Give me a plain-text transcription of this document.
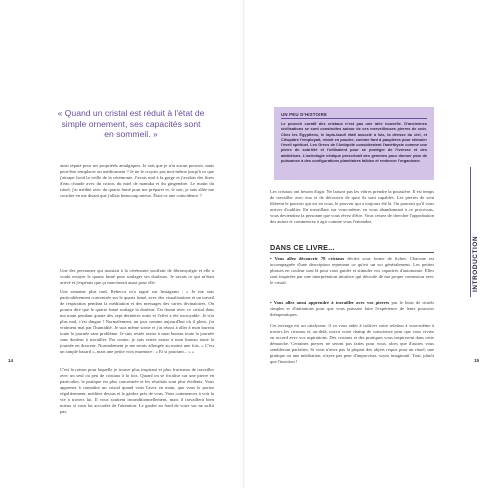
« Quand un cristal est réduit à l'état de simple ornement, ses capacités sont en sommeil. »

ainsi réputé pour ses propriétés antalgiques. Je sais que je n'ai aucun pouvoir, mais peut-être remplacer un médicament ? Je ne le croyais pas moi-même jusqu'à ce que j'attrape froid la veille de la cérémonie. J'avais mal à la gorge et j'avalais des litres d'eau chaude avec du citron, du miel de manuka et du gingembre. Le matin du rituel, j'ai médité avec du quartz fumé pour me préparer et, le soir, je suis allée me coucher en me disant que j'allais beaucoup mieux. Était-ce une coïncidence ?

Une des personnes qui assistait à la cérémonie souffrait de fibromyalgie et elle a voulu essayer le quartz fumé pour soulager ses douleurs. Je savais ce qui m'était arrivé et j'espérais que ça marcherait aussi pour elle.

Une semaine plus tard, Rebecca m'a tagué sur Instagram : « Je me suis particulièrement concentrée sur le quartz fumé, avec des visualisations et un travail de respiration pendant la méditation et des messages des cartes divinatoires. On pourra dire que le quartz fumé soulage la douleur. J'ai dormi avec ce cristal dans ma main pendant quatre des sept dernières nuits et l'effet a été incroyable. Je n'ai plus mal, c'est dingue ! Normalement, un jour comme aujourd'hui où il pleut, j'ai vraiment mal par l'humidité. Je suis même sortie et j'ai réussi à aller à mon bureau toute la journée sans problème. Je suis restée assise à mon bureau toute la journée sans douleur à travailler. Par contre, je suis restée assise à mon bureau toute la journée en douceur. Normalement je me serais allongée au moins une fois. « C'est un simple hasard », mais une petite voix murmure : « Et si pourtant... » »

C'est la raison pour laquelle je trouve plus inspirant et plus fructueux de travailler avec un seul ou peu de cristaux à la fois. Quand on se focalise sur une pierre en particulier, la pratique est plus concentrée et les résultats sont plus évidents. Vous apprenez à connaître un cristal quand vous l'avez en main, que vous le portez régulièrement, méditez dessus et le gardez près de vous. Vous commencez à voir la vie à travers lui. Il vous soutient inconditionnellement, mais il travaillera bien mieux si vous lui accordez de l'attention. Le garder au fond de votre sac ne suffit pas.

14
UN PEU D'HISTOIRE
Le pouvoir curatif des cristaux n'est pas une idée nouvelle. D'anciennes civilisations se sont construites autour de ces merveilleuses pierres de soin. Chez les Égyptiens, le lapis-lazuli était associé à Isis, la déesse du ciel, et Cléopâtre l'employait, réduit en poudre, comme fard à paupières pour stimuler l'éveil spirituel. Les Grecs de l'Antiquité considéraient l'améthyste comme une pierre de sobriété et l'utilisaient pour se protéger de l'ivresse et des addictions. L'astrologie védique prescrivait des gemmes pour donner plus de puissance à des configurations planétaires faibles et renforcer l'organisme.

Les cristaux ont besoin d'agir. Ne laissez pas les vôtres prendre la poussière. Il est temps de travailler avec eux et de découvrir de quoi ils sont capables. Les pierres de soin libèrent le pouvoir qui est en vous, le pouvoir qui a toujours été là. On pourrait qu'il vous arriver d'oublier. En travaillant sur vous-même, en vous abandonnant à ce processus, vous deviendrez la personne que vous rêvez d'être. Vous cessez de chercher l'approbation des autres et commencez à agir comme vous l'entendez.

DANS CE LIVRE...

• Vous allez découvrir 78 cristaux décrits sous forme de fiches. Chacune est accompagnée d'une description reprenant ce qu'est un soi généralement. Les petites phrases en couleur sont là pour vous guider et stimuler vos capacités d'autonomie. Elles sont inspirées par une interprétation intuitive qui découle de ma propre connexion avec le cristal.

• Vous allez aussi apprendre à travailler avec vos pierres par le biais de rituels simples et d'initiations pour que vous puissiez faire l'expérience de leurs pouvoirs thérapeutiques.

Cet ouvrage est un catalyseur, il va vous aider à cultiver votre relation à vous-même à travers les cristaux et, au-delà, ouvrir votre champ de conscience pour que vous viviez en accord avec vos aspirations. Des cristaux et des pratiques vous inspireront dans cette démarche. Certaines pierres ne seront pas faites pour vous, alors que d'autres vous sembleront parfaites. Si vous n'avez pas la plupart des objets requis pour un rituel, une pratique ou une méditation, n'ayez pas peur d'improviser, soyez imaginatif. Tout, plutôt que l'inaction !

INTRODUCTION
15
